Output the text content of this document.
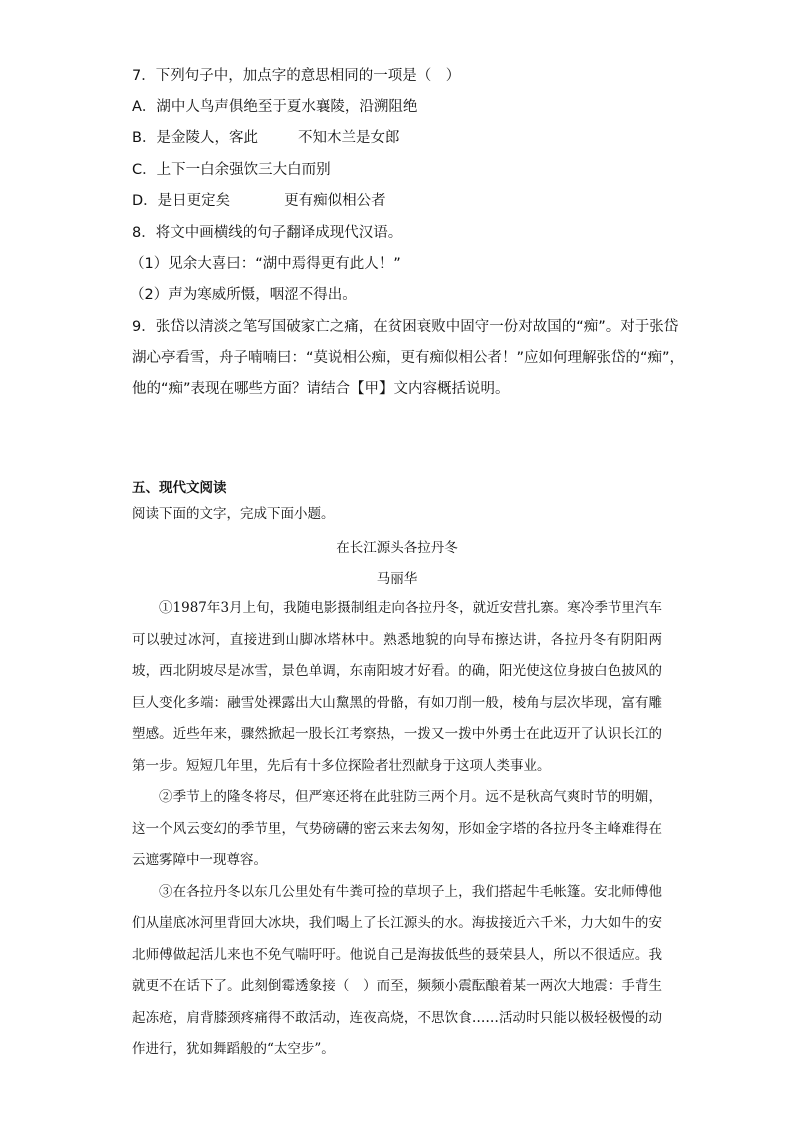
7．下列句子中，加点字的意思相同的一项是（　）
A．湖中人鸟声俱绝至于夏水襄陵，沿溯阻绝
B．是金陵人，客此	不知木兰是女郎
C．上下一白余强饮三大白而别
D．是日更定矣	更有痴似相公者
8．将文中画横线的句子翻译成现代汉语。
（1）见余大喜曰：“湖中焉得更有此人！”
（2）声为寒威所慑，咽涩不得出。
9．张岱以清淡之笔写国破家亡之痛，在贫困衰败中固守一份对故国的“痴”。对于张岱
湖心亭看雪，舟子喃喃曰：“莫说相公痴，更有痴似相公者！”应如何理解张岱的“痴”，
他的“痴”表现在哪些方面？请结合【甲】文内容概括说明。
五、现代文阅读
阅读下面的文字，完成下面小题。
在长江源头各拉丹冬
马丽华

①1987年3月上旬，我随电影摄制组走向各拉丹冬，就近安营扎寨。寒冷季节里汽车可以驶过冰河，直接进到山脚冰塔林中。熟悉地貌的向导布擦达讲，各拉丹冬有阴阳两坡，西北阴坡尽是冰雪，景色单调，东南阳坡才好看。的确，阳光使这位身披白色披风的巨人变化多端：融雪处裸露出大山黧黑的骨骼，有如刀削一般，棱角与层次毕现，富有雕塑感。近些年来，骤然掀起一股长江考察热，一拨又一拨中外勇士在此迈开了认识长江的第一步。短短几年里，先后有十多位探险者壮烈献身于这项人类事业。

②季节上的隆冬将尽，但严寒还将在此驻防三两个月。远不是秋高气爽时节的明媚，这一个风云变幻的季节里，气势磅礴的密云来去匆匆，形如金字塔的各拉丹冬主峰难得在云遮雾障中一现尊容。

③在各拉丹冬以东几公里处有牛粪可捡的草坝子上，我们搭起牛毛帐篷。安北师傅他们从崖底冰河里背回大冰块，我们喝上了长江源头的水。海拔接近六千米，力大如牛的安北师傅做起活儿来也不免气喘吁吁。他说自己是海拔低些的聂荣县人，所以不很适应。我就更不在话下了。此刻倒霉透象接（　）而至，频频小震酝酿着某一两次大地震：手背生起冻疮，肩背膝颈疼痛得不敢活动，连夜高烧，不思饮食……活动时只能以极轻极慢的动作进行，犹如舞蹈般的“太空步”。
